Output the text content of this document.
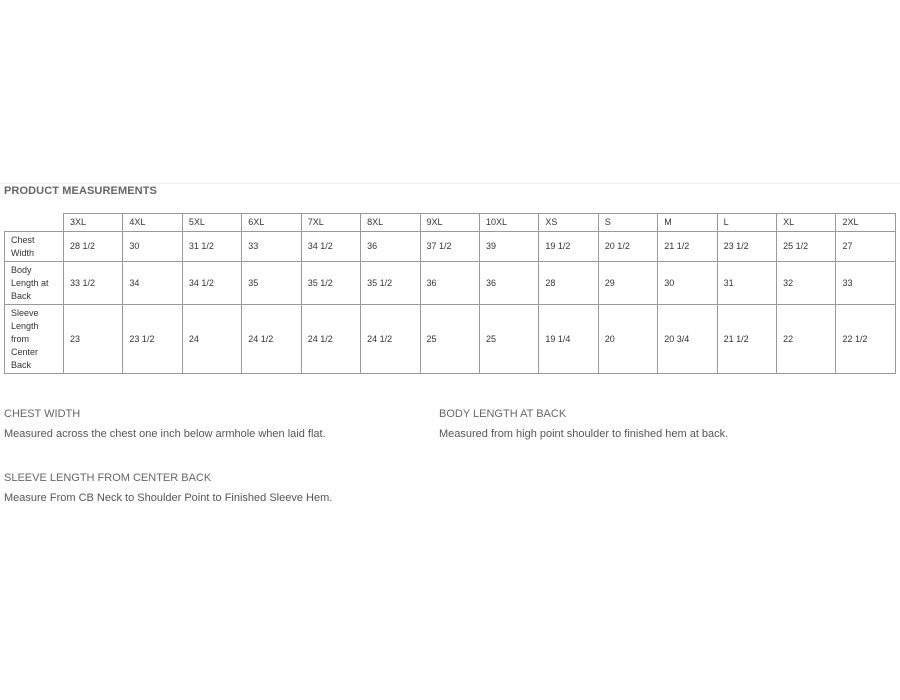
PRODUCT MEASUREMENTS
	3XL	4XL	5XL	6XL	7XL	8XL	9XL	10XL	XS	S	M	L	XL	2XL
Chest Width	28 1/2	30	31 1/2	33	34 1/2	36	37 1/2	39	19 1/2	20 1/2	21 1/2	23 1/2	25 1/2	27
Body Length at Back	33 1/2	34	34 1/2	35	35 1/2	35 1/2	36	36	28	29	30	31	32	33
Sleeve Length from Center Back	23	23 1/2	24	24 1/2	24 1/2	24 1/2	25	25	19 1/4	20	20 3/4	21 1/2	22	22 1/2
CHEST WIDTH
Measured across the chest one inch below armhole when laid flat.
BODY LENGTH AT BACK
Measured from high point shoulder to finished hem at back.
SLEEVE LENGTH FROM CENTER BACK
Measure From CB Neck to Shoulder Point to Finished Sleeve Hem.
